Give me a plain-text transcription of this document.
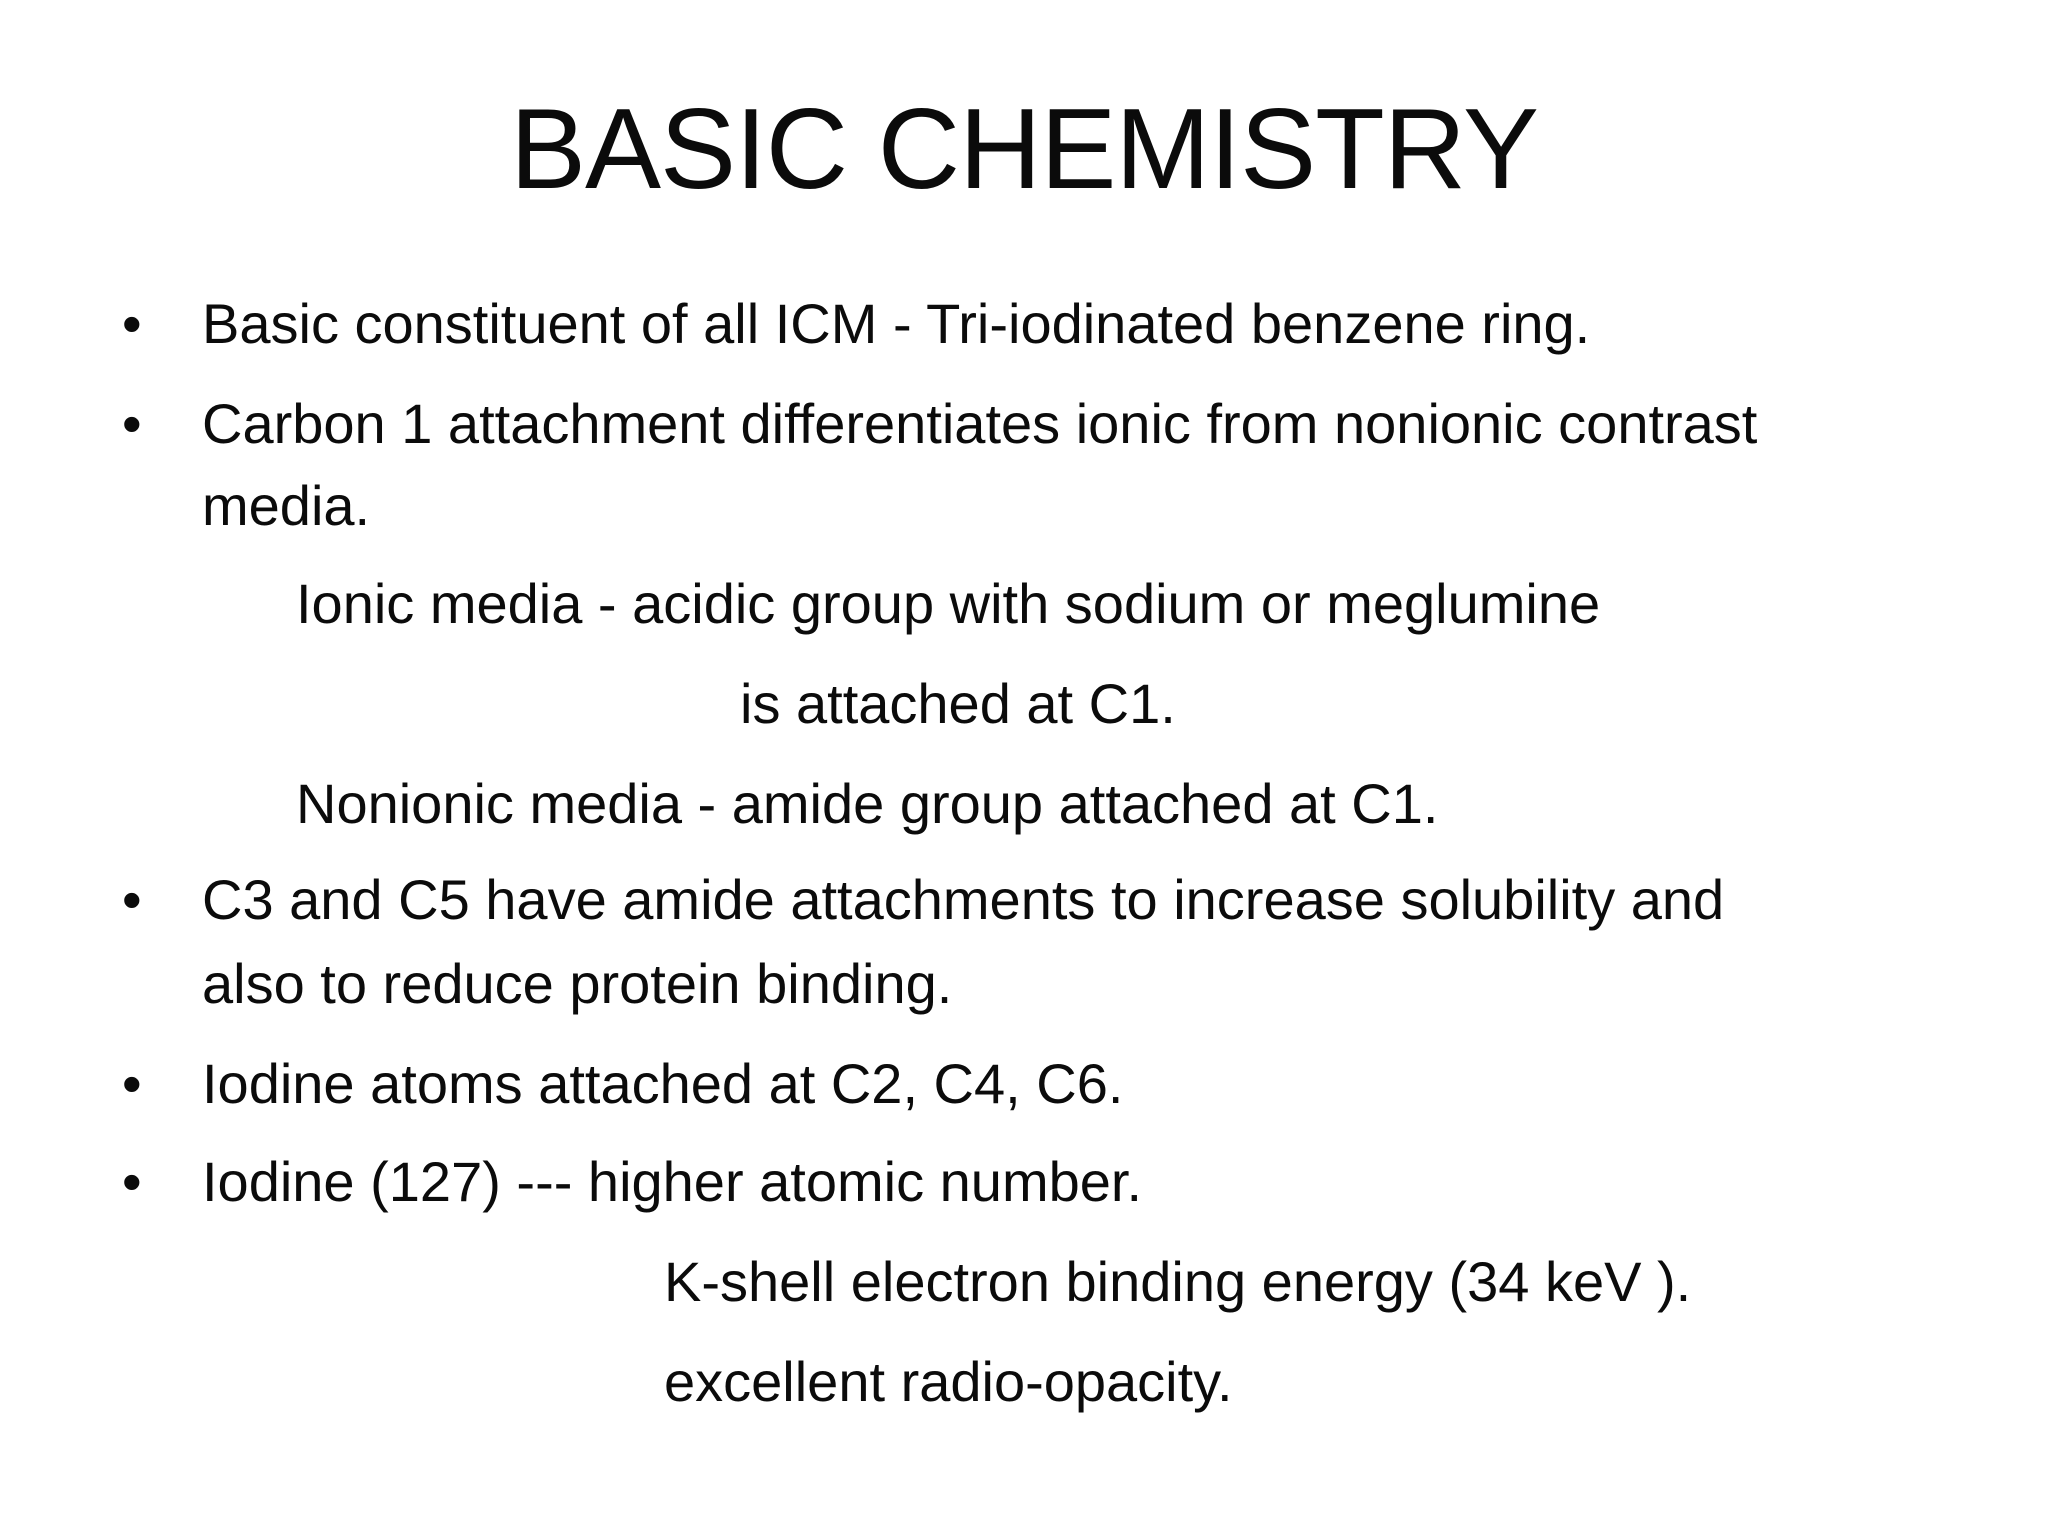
BASIC CHEMISTRY
• Basic constituent of all ICM - Tri-iodinated benzene ring.
• Carbon 1 attachment differentiates ionic from nonionic contrast
media.
Ionic media - acidic group with sodium or meglumine
is attached at C1.
Nonionic media - amide group attached at C1.
• C3 and C5 have amide attachments to increase solubility and
also to reduce protein binding.
• Iodine atoms attached at C2, C4, C6.
• Iodine (127) --- higher atomic number.
K-shell electron binding energy (34 keV ).
excellent radio-opacity.
